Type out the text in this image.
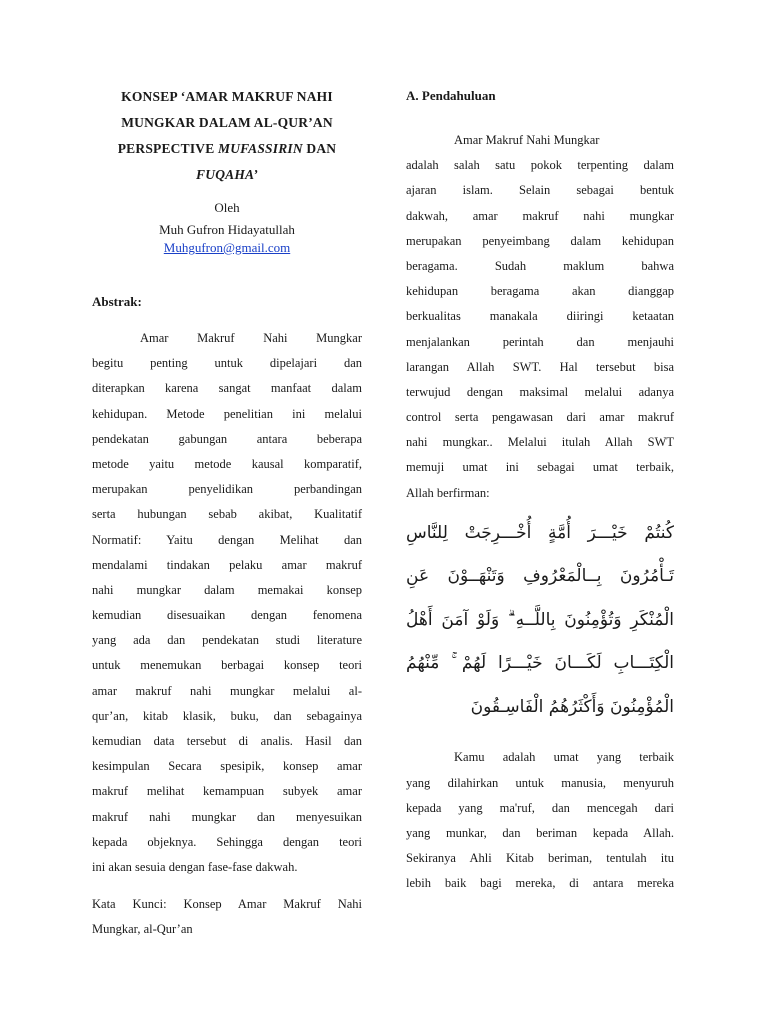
KONSEP ‘AMAR MAKRUF NAHI
MUNGKAR DALAM AL-QUR’AN
PERSPECTIVE MUFASSIRIN DAN
FUQAHA’
Oleh
Muh Gufron Hidayatullah
Muhgufron@gmail.com
Abstrak:
Amar Makruf Nahi Mungkar
begitu penting untuk dipelajari dan
diterapkan karena sangat manfaat dalam
kehidupan. Metode penelitian ini melalui
pendekatan gabungan antara beberapa
metode yaitu metode kausal komparatif,
merupakan penyelidikan perbandingan
serta hubungan sebab akibat, Kualitatif
Normatif: Yaitu dengan Melihat dan
mendalami tindakan pelaku amar makruf
nahi mungkar dalam memakai konsep
kemudian disesuaikan dengan fenomena
yang ada dan pendekatan studi literature
untuk menemukan berbagai konsep teori
amar makruf nahi mungkar melalui al-
qur’an, kitab klasik, buku, dan sebagainya
kemudian data tersebut di analis. Hasil dan
kesimpulan Secara spesipik, konsep amar
makruf melihat kemampuan subyek amar
makruf nahi mungkar dan menyesuikan
kepada objeknya. Sehingga dengan teori
ini akan sesuia dengan fase-fase dakwah.
Kata Kunci: Konsep Amar Makruf Nahi
Mungkar, al-Qur’an
A. Pendahuluan
Amar Makruf Nahi Mungkar
adalah salah satu pokok terpenting dalam
ajaran islam. Selain sebagai bentuk
dakwah, amar makruf nahi mungkar
merupakan penyeimbang dalam kehidupan
beragama. Sudah maklum bahwa
kehidupan beragama akan dianggap
berkualitas manakala diiringi ketaatan
menjalankan perintah dan menjauhi
larangan Allah SWT. Hal tersebut bisa
terwujud dengan maksimal melalui adanya
control serta pengawasan dari amar makruf
nahi mungkar.. Melalui itulah Allah SWT
memuji umat ini sebagai umat terbaik,
Allah berfirman:
كُنتُمْ خَيْـــرَ أُمَّةٍ أُخْـــرِجَتْ لِلنَّاسِ
تَـأْمُرُونَ بِــالْمَعْرُوفِ وَتَنْهَــوْنَ عَنِ
الْمُنْكَرِ وَتُؤْمِنُونَ بِاللَّــهِ ۗ وَلَوْ آمَنَ أَهْلُ
الْكِتَـــابِ لَكَـــانَ خَيْـــرًا لَهُمْ ۚ مِّنْهُمُ
الْمُؤْمِنُونَ وَأَكْثَرُهُمُ الْفَاسِـقُونَ
Kamu adalah umat yang terbaik
yang dilahirkan untuk manusia, menyuruh
kepada yang ma'ruf, dan mencegah dari
yang munkar, dan beriman kepada Allah.
Sekiranya Ahli Kitab beriman, tentulah itu
lebih baik bagi mereka, di antara mereka
